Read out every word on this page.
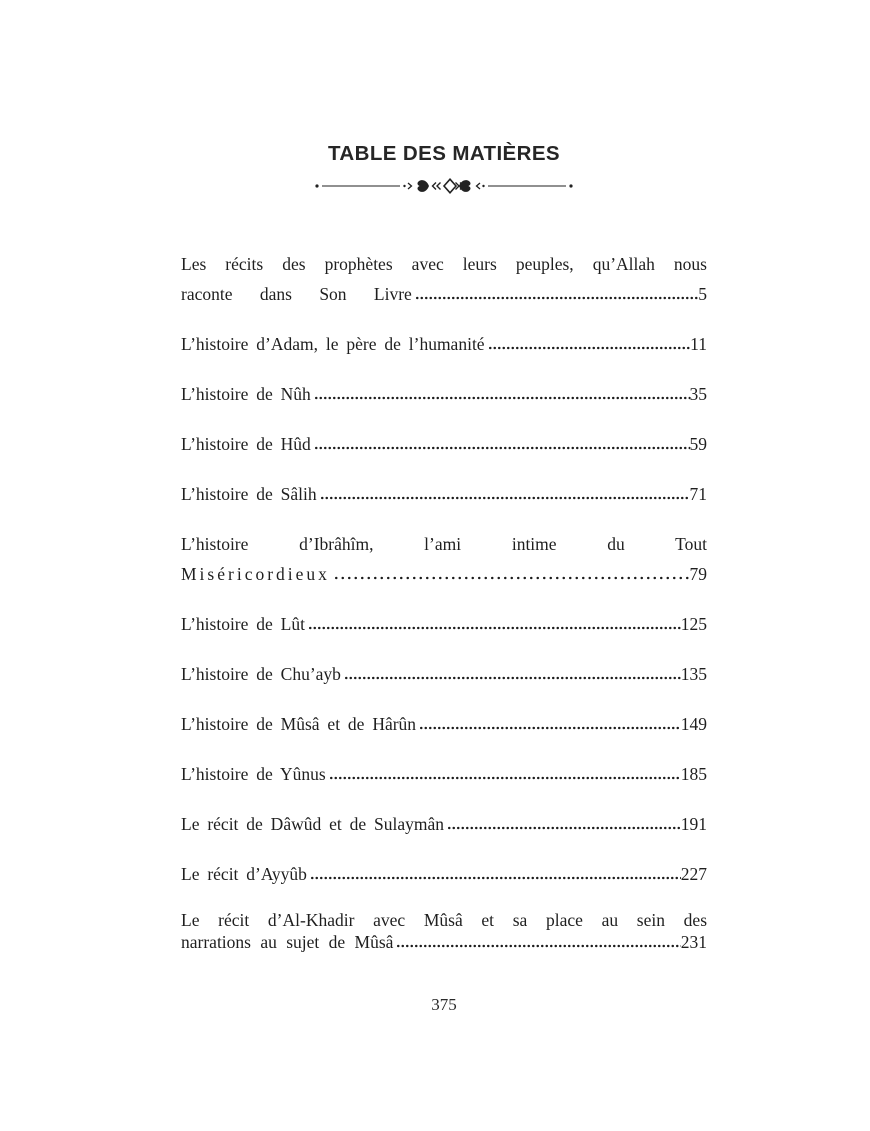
TABLE DES MATIÈRES
Les récits des prophètes avec leurs peuples, qu’Allah nous
raconte dans Son Livre	5
L’histoire d’Adam, le père de l’humanité	11
L’histoire de Nûh	35
L’histoire de Hûd	59
L’histoire de Sâlih	71
L’histoire d’Ibrâhîm, l’ami intime du Tout
Miséricordieux	79
L’histoire de Lût	125
L’histoire de Chu’ayb	135
L’histoire de Mûsâ et de Hârûn	149
L’histoire de Yûnus	185
Le récit de Dâwûd et de Sulaymân	191
Le récit d’Ayyûb	227
Le récit d’Al-Khadir avec Mûsâ et sa place au sein des
narrations au sujet de Mûsâ	231
375
